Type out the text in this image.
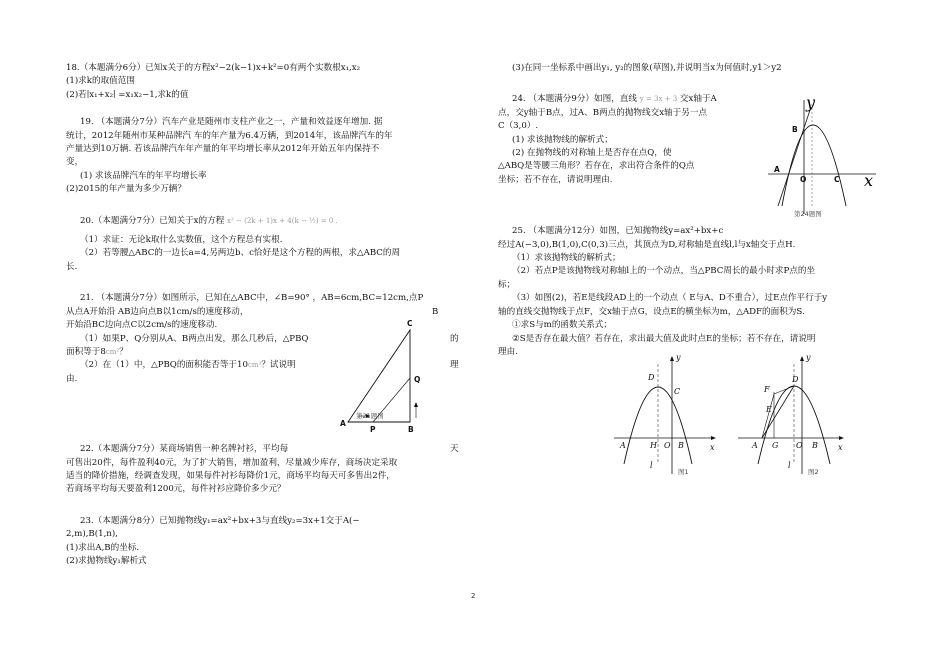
18.（本题满分6分）已知x关于的方程x²−2(k−1)x+k²=0有两个实数根x₁,x₂

(1)求k的取值范围

(2)若∣x₁+x₂∣ =x₁x₂−1,求k的值

19. （本题满分7分）汽车产业是随州市支柱产业之一，产量和效益逐年增加. 据

统计，2012年随州市某种品牌汽 车的年产量为6.4万辆，到2014年，该品牌汽车的年

产量达到10万辆. 若该品牌汽车年产量的年平均增长率从2012年开始五年内保持不

变，

(1) 求该品牌汽车的年平均增长率

(2)2015的年产量为多少万辆？

20.（本题满分7分）已知关于x的方程 x² − (2k + 1)x + 4(k − ½) = 0 .

（1）求证：无论k取什么实数值，这个方程总有实根.

（2）若等腰△ABC的一边长a=4,另两边b、c恰好是这个方程的两根，求△ABC的周

长.

21. （本题满分7分）如图所示，已知在△ABC中，∠B=90° ，AB=6cm,BC=12cm,点P

从点A开始沿 AB边向点B以1cm/s的速度移动，	B

开始沿BC边向点C以2cm/s的速度移动.

（1）如果P、Q分别从A、B两点出发，那么几秒后，△PBQ	的

面积等于8cm²？

（2）在（1）中，△PBQ的面积能否等于10cm²？试说明	理

由.

22.（本题满分7分）某商场销售一种名牌衬衫，平均每	天

可售出20件，每件盈利40元，为了扩大销售，增加盈利，尽量减少库存，商场决定采取

适当的降价措施，经调查发现，如果每件衬衫每降价1元，商场平均每天可多售出2件，

若商场平均每天要盈利1200元，每件衬衫应降价多少元？

23.（本题满分8分）已知抛物线y₁=ax²+bx+3与直线y₂=3x+1交于A(−

2,m),B(1,n),

(1)求出A,B的坐标.

(2)求抛物线y₁解析式

第21题图
A
P	B
Q
C

(3)在同一坐标系中画出y₁, y₂的图象(草图),并说明当x为何值时,y1＞y2

24. （本题满分9分）如图，直线 y = 3x + 3 交x轴于A

点，交y轴于B点，过A、B两点的抛物线交x轴于另一点

C（3,0）.

(1) 求该抛物线的解析式；

(2) 在抛物线的对称轴上是否存在点Q，使

△ABQ是等腰三角形？若存在，求出符合条件的Q点

坐标；若不存在，请说明理由.

25. （本题满分12分）如图，已知抛物线y=ax²+bx+c

经过A(−3,0),B(1,0),C(0,3)三点，其顶点为D,对称轴是直线l,l与x轴交于点H.

（1）求该抛物线的解析式；

（2）若点P是该抛物线对称轴l上的一个动点，当△PBC周长的最小时求P点的坐

标；

（3）如图(2)，若E是线段AD上的一个动点（ E与A、D不重合），过E点作平行于y

轴的直线交抛物线于点F，交x轴于点G，设点E的横坐标为m，△ADF的面积为S.

①求S与m的函数关系式；

②S是否存在最大值？若存在，求出最大值及此时点E的坐标；若不存在，请说明

理由.

y
x
B
A
O	C
第24题图
y
x
D
C
A	H O B
l
图1
y
x
D
F
E
A G O B
l
图2
2
